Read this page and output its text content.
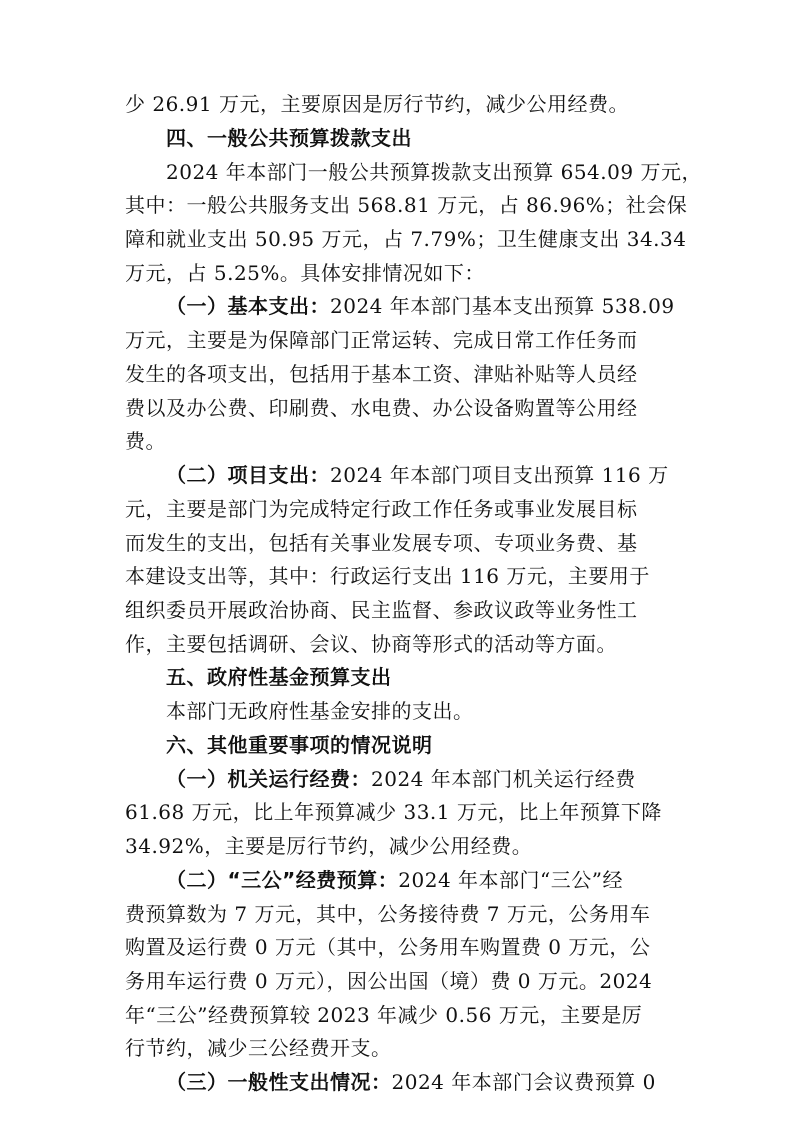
少 26.91 万元，主要原因是厉行节约，减少公用经费。
四、一般公共预算拨款支出
2024 年本部门一般公共预算拨款支出预算 654.09 万元，
其中：一般公共服务支出 568.81 万元，占 86.96%；社会保
障和就业支出 50.95 万元，占 7.79%；卫生健康支出 34.34
万元，占 5.25%。具体安排情况如下：
（一）基本支出：2024 年本部门基本支出预算 538.09
万元，主要是为保障部门正常运转、完成日常工作任务而
发生的各项支出，包括用于基本工资、津贴补贴等人员经
费以及办公费、印刷费、水电费、办公设备购置等公用经
费。
（二）项目支出：2024 年本部门项目支出预算 116 万
元，主要是部门为完成特定行政工作任务或事业发展目标
而发生的支出，包括有关事业发展专项、专项业务费、基
本建设支出等，其中：行政运行支出 116 万元，主要用于
组织委员开展政治协商、民主监督、参政议政等业务性工
作，主要包括调研、会议、协商等形式的活动等方面。
五、政府性基金预算支出
本部门无政府性基金安排的支出。
六、其他重要事项的情况说明
（一）机关运行经费：2024 年本部门机关运行经费
61.68 万元，比上年预算减少 33.1 万元，比上年预算下降
34.92%，主要是厉行节约，减少公用经费。
（二）“三公”经费预算：2024 年本部门“三公”经
费预算数为 7 万元，其中，公务接待费 7 万元，公务用车
购置及运行费 0 万元（其中，公务用车购置费 0 万元，公
务用车运行费 0 万元），因公出国（境）费 0 万元。2024
年“三公”经费预算较 2023 年减少 0.56 万元，主要是厉
行节约，减少三公经费开支。
（三）一般性支出情况：2024 年本部门会议费预算 0
